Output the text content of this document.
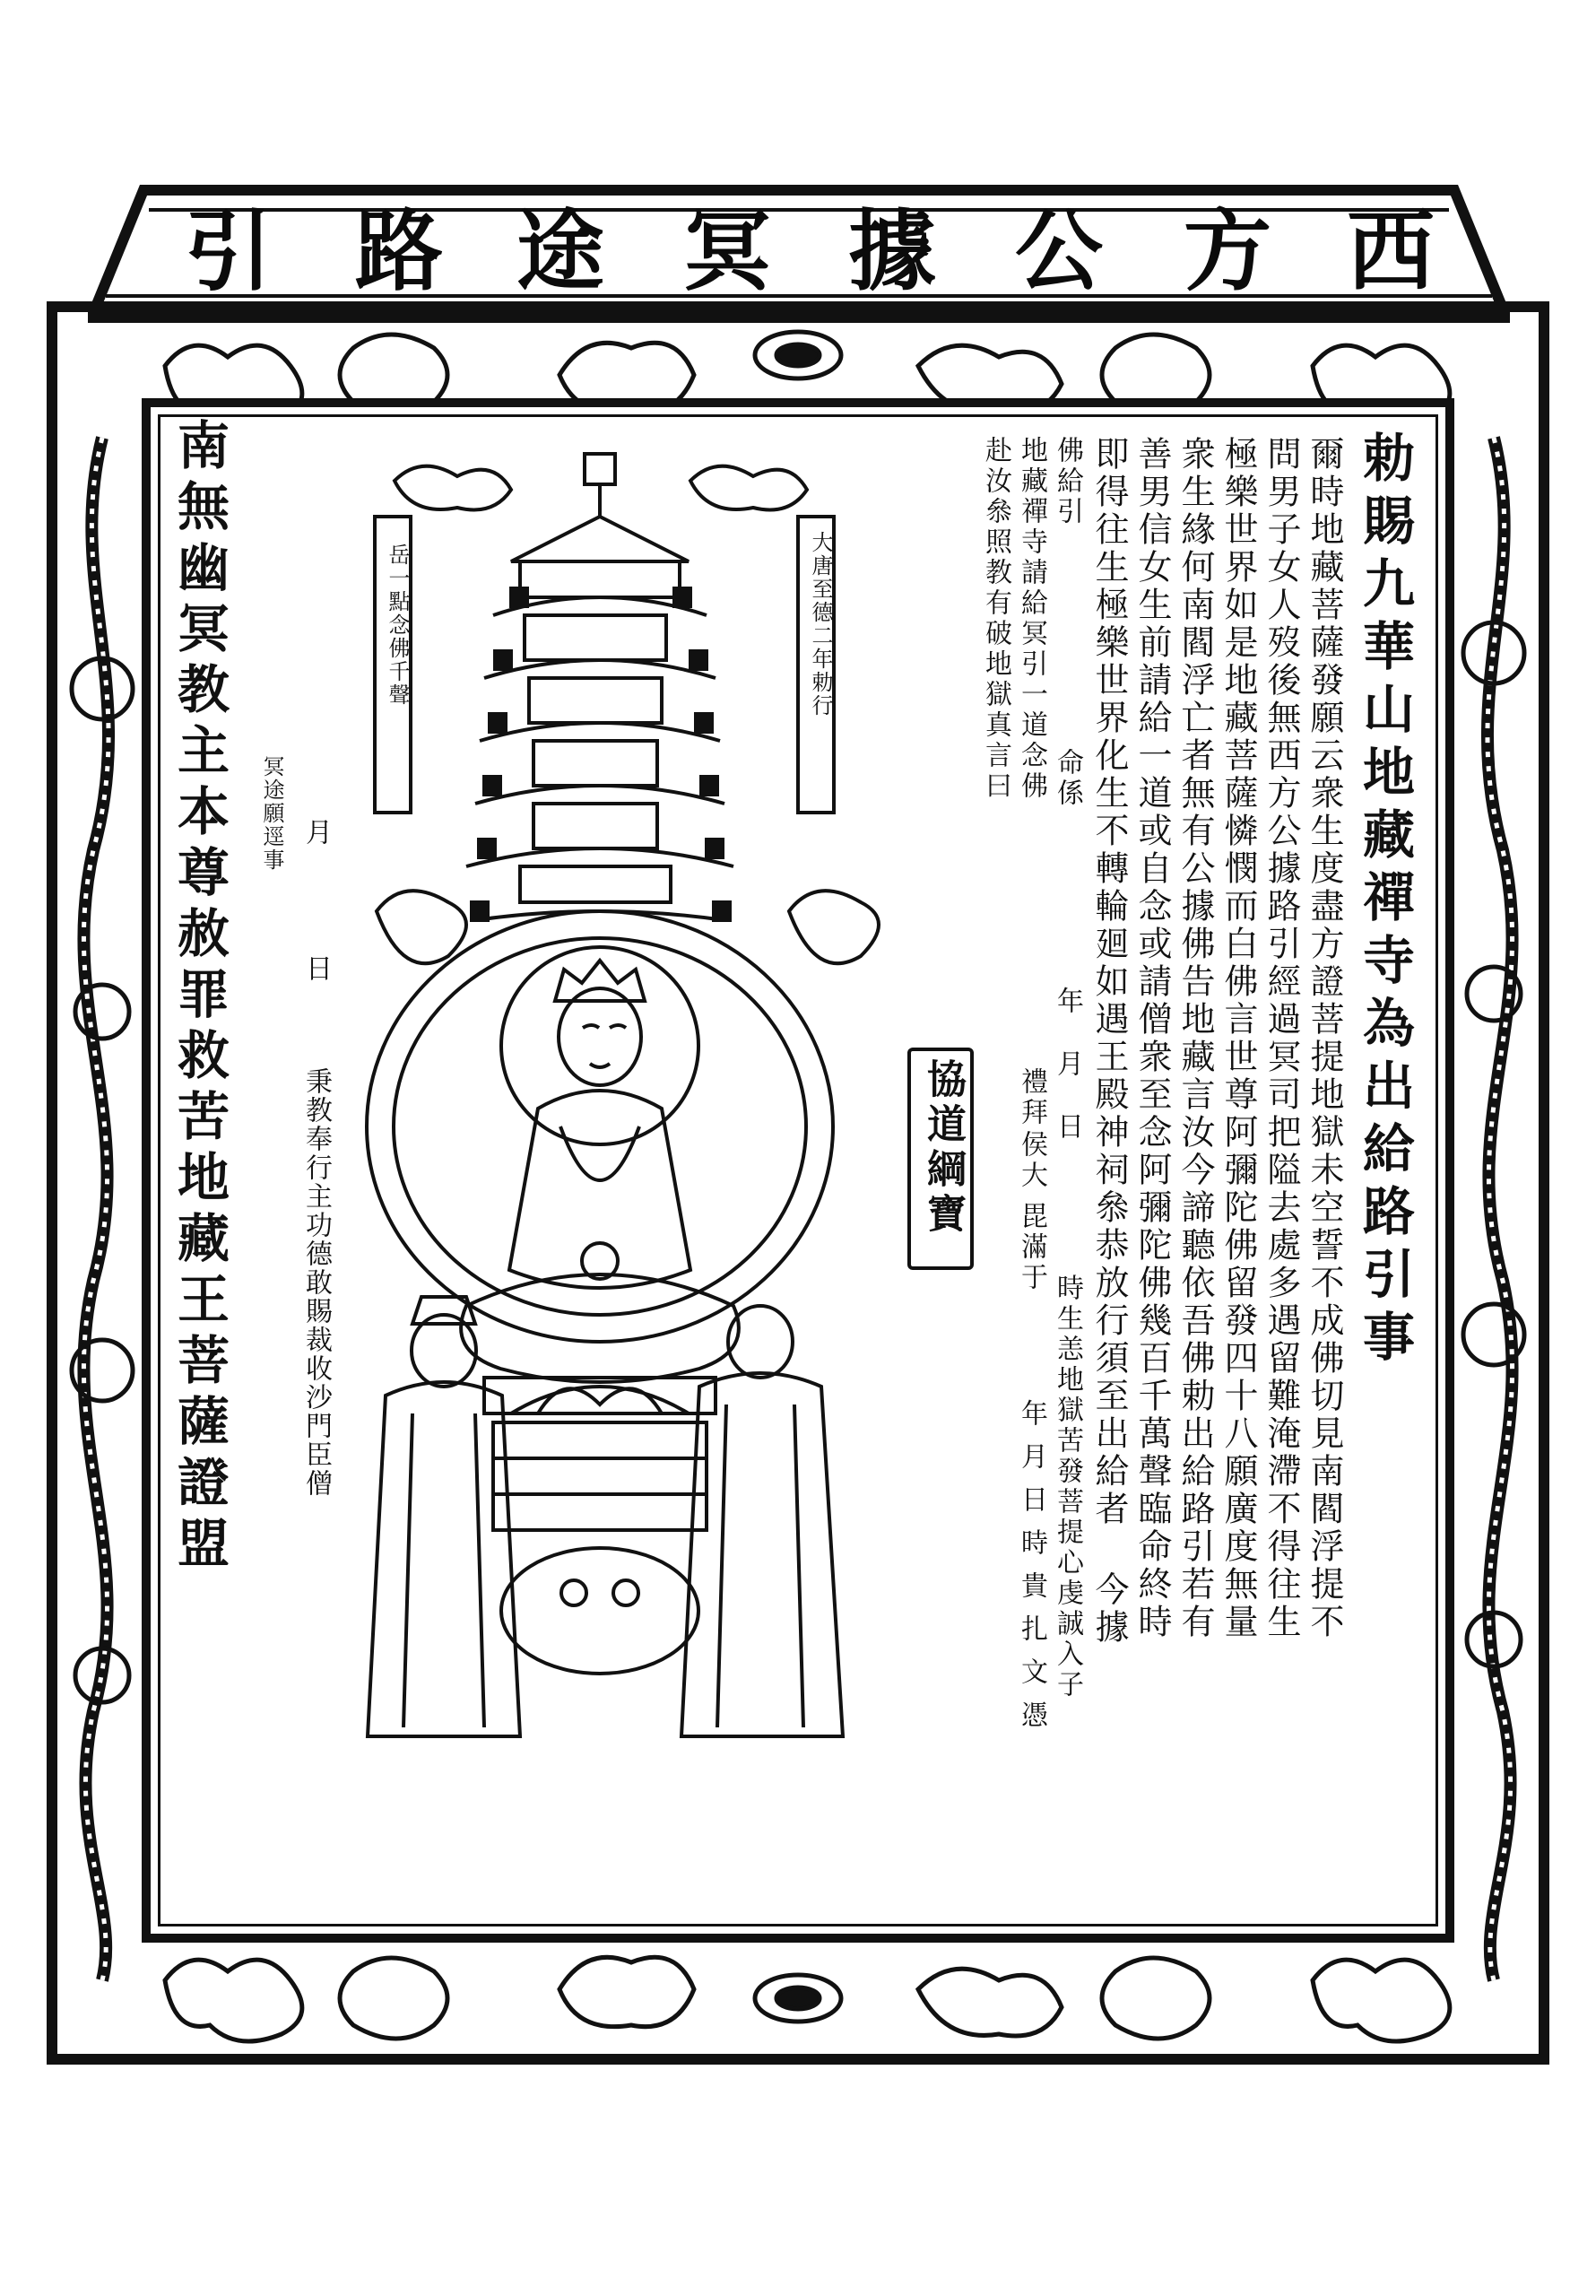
西
方
公
據
冥
途
路
引
岳一點念佛千聲	大唐至德二年勅行
南無幽冥教主本尊赦罪救苦地藏王菩薩證盟	冥途願逕事 月
日
秉教奉行主功德敢賜裁收沙門臣僧	協道綱寶	勅賜九華山地藏禪寺為出給路引事
爾時地藏菩薩發願云衆生度盡方證菩提地獄未空誓不成佛切見南閻浮提不
問男子女人歿後無西方公據路引經過冥司把隘去處多遇留難淹滯不得往生
極樂世界如是地藏菩薩憐憫而白佛言世尊阿彌陀佛留發四十八願廣度無量
衆生緣何南閻浮亡者無有公據佛告地藏言汝今諦聽依吾佛勅出給路引若有
善男信女生前請給一道或自念或請僧衆至念阿彌陀佛幾百千萬聲臨命終時
即得往生極樂世界化生不轉輪廻如遇王殿神祠叅恭放行須至出給者 今據
佛給引
地藏禪寺請給冥引一道念佛
赴汝叅照教有破地獄真言曰 命係
禮拜 年月日
侯大
毘滿于
時生恙地獄苦發菩提心虔誠入子
年月日時貴扎文憑
